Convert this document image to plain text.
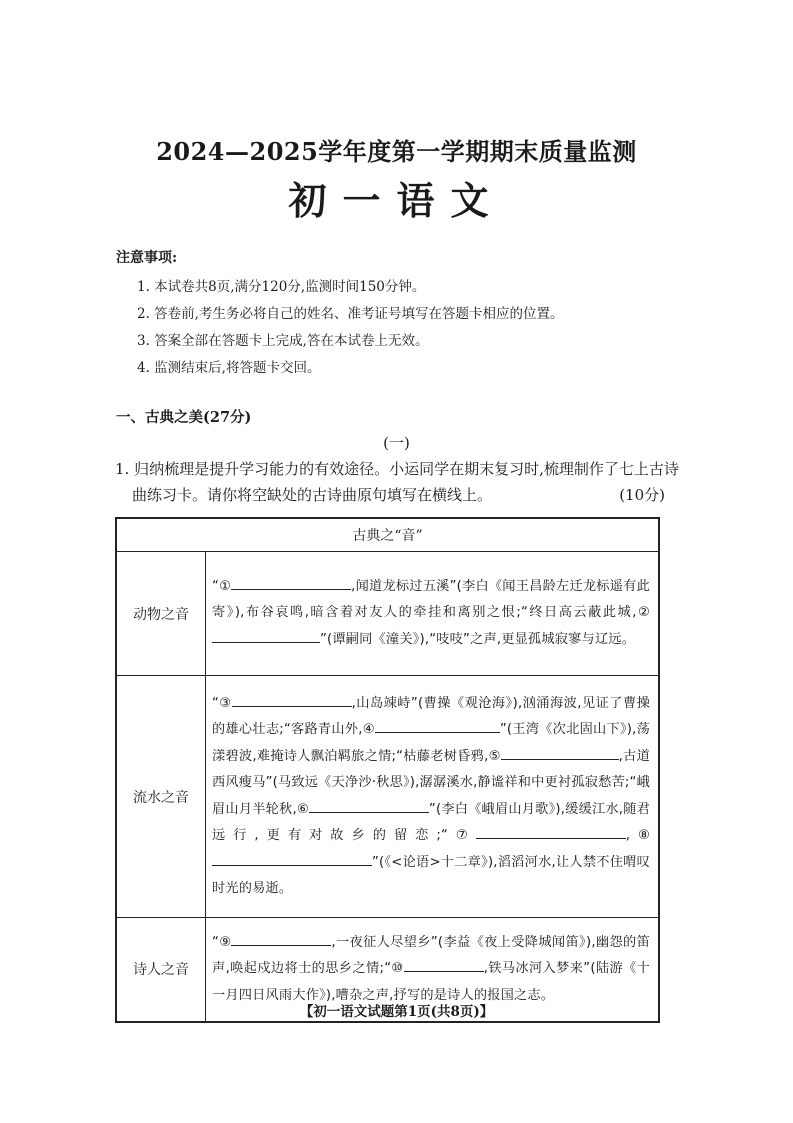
2024—2025学年度第一学期期末质量监测
初一语文
注意事项:
1. 本试卷共8页,满分120分,监测时间150分钟。
2. 答卷前,考生务必将自己的姓名、准考证号填写在答题卡相应的位置。
3. 答案全部在答题卡上完成,答在本试卷上无效。
4. 监测结束后,将答题卡交回。
一、古典之美(27分)
(一)
1. 归纳梳理是提升学习能力的有效途径。小运同学在期末复习时,梳理制作了七上古诗
曲练习卡。请你将空缺处的古诗曲原句填写在横线上。	(10分)
古典之“音”	
动物之音	“① ,闻道龙标过五溪”(李白《闻王昌龄左迁龙标遥有此寄》),布谷哀鸣,暗含着对友人的牵挂和离别之恨;“终日高云蔽此城,②”(谭嗣同《潼关》),“吱吱”之声,更显孤城寂寥与辽远。
流水之音	“③ ,山岛竦峙”(曹操《观沧海》),汹涌海波,见证了曹操的雄心壮志;“客路青山外,④ ”(王湾《次北固山下》),荡漾碧波,难掩诗人飘泊羁旅之情;“枯藤老树昏鸦,⑤ ,古道西风瘦马”(马致远《天净沙·秋思》),潺潺溪水,静谧祥和中更衬孤寂愁苦;“峨眉山月半轮秋,⑥ ”(李白《峨眉山月歌》),缓缓江水,随君远行,更有对故乡的留恋;“⑦ ,⑧”(《<论语>十二章》),滔滔河水,让人禁不住喟叹时光的易逝。
诗人之音	“⑨ ,一夜征人尽望乡”(李益《夜上受降城闻笛》),幽怨的笛声,唤起戍边将士的思乡之情;“⑩ ,铁马冰河入梦来”(陆游《十一月四日风雨大作》),嘈杂之声,抒写的是诗人的报国之志。
【初一语文试题第1页(共8页)】
